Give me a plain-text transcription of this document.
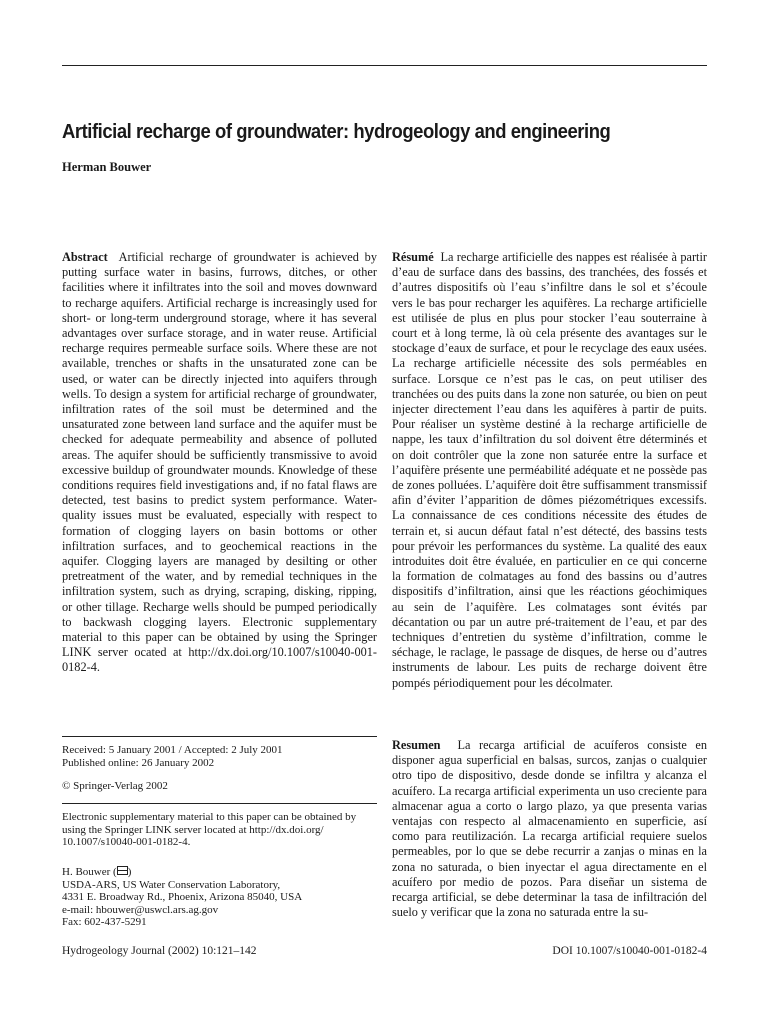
Artificial recharge of groundwater: hydrogeology and engineering
Herman Bouwer
Abstract Artificial recharge of groundwater is achieved by putting surface water in basins, furrows, ditches, or other facilities where it infiltrates into the soil and moves downward to recharge aquifers. Artificial recharge is increasingly used for short- or long-term underground storage, where it has several advantages over surface storage, and in water reuse. Artificial recharge requires permeable surface soils. Where these are not available, trenches or shafts in the unsaturated zone can be used, or water can be directly injected into aquifers through wells. To design a system for artificial recharge of groundwater, infiltration rates of the soil must be determined and the unsaturated zone between land surface and the aquifer must be checked for adequate permeability and absence of polluted areas. The aquifer should be sufficiently transmissive to avoid excessive buildup of groundwater mounds. Knowledge of these conditions requires field investigations and, if no fatal flaws are detected, test basins to predict system performance. Water-quality issues must be evaluated, especially with respect to formation of clogging layers on basin bottoms or other infiltration surfaces, and to geochemical reactions in the aquifer. Clogging layers are managed by desilting or other pretreatment of the water, and by remedial techniques in the infiltration system, such as drying, scraping, disking, ripping, or other tillage. Recharge wells should be pumped periodically to backwash clogging layers. Electronic supplementary material to this paper can be obtained by using the Springer LINK server ocated at http://dx.doi.org/10.1007/s10040-001-0182-4.
Résumé La recharge artificielle des nappes est réalisée à partir d’eau de surface dans des bassins, des tranchées, des fossés et d’autres dispositifs où l’eau s’infiltre dans le sol et s’écoule vers le bas pour recharger les aquifères. La recharge artificielle est utilisée de plus en plus pour stocker l’eau souterraine à court et à long terme, là où cela présente des avantages sur le stockage d’eaux de surface, et pour le recyclage des eaux usées. La recharge artificielle nécessite des sols perméables en surface. Lorsque ce n’est pas le cas, on peut utiliser des tranchées ou des puits dans la zone non saturée, ou bien on peut injecter directement l’eau dans les aquifères à partir de puits. Pour réaliser un système destiné à la recharge artificielle de nappe, les taux d’infiltration du sol doivent être déterminés et on doit contrôler que la zone non saturée entre la surface et l’aquifère présente une perméabilité adéquate et ne possède pas de zones polluées. L’aquifère doit être suffisamment transmissif afin d’éviter l’apparition de dômes piézométriques excessifs. La connaissance de ces conditions nécessite des études de terrain et, si aucun défaut fatal n’est détecté, des bassins tests pour prévoir les performances du système. La qualité des eaux introduites doit être évaluée, en particulier en ce qui concerne la formation de colmatages au fond des bassins ou d’autres dispositifs d’infiltration, ainsi que les réactions géochimiques au sein de l’aquifère. Les colmatages sont évités par décantation ou par un autre pré-traitement de l’eau, et par des techniques d’entretien du système d’infiltration, comme le séchage, le raclage, le passage de disques, de herse ou d’autres instruments de labour. Les puits de recharge doivent être pompés périodiquement pour les décolmater.
Resumen La recarga artificial de acuíferos consiste en disponer agua superficial en balsas, surcos, zanjas o cualquier otro tipo de dispositivo, desde donde se infiltra y alcanza el acuífero. La recarga artificial experimenta un uso creciente para almacenar agua a corto o largo plazo, ya que presenta varias ventajas con respecto al almacenamiento en superficie, así como para reutilización. La recarga artificial requiere suelos permeables, por lo que se debe recurrir a zanjas o minas en la zona no saturada, o bien inyectar el agua directamente en el acuífero por medio de pozos. Para diseñar un sistema de recarga artificial, se debe determinar la tasa de infiltración del suelo y verificar que la zona no saturada entre la su-

Received: 5 January 2001 / Accepted: 2 July 2001

Published online: 26 January 2002

© Springer-Verlag 2002

Electronic supplementary material to this paper can be obtained by using the Springer LINK server located at http://dx.doi.org/ 10.1007/s10040-001-0182-4.

H. Bouwer ( )

USDA-ARS, US Water Conservation Laboratory,

4331 E. Broadway Rd., Phoenix, Arizona 85040, USA

e-mail: hbouwer@uswcl.ars.ag.gov

Fax: 602-437-5291

Hydrogeology Journal (2002) 10:121–142	DOI 10.1007/s10040-001-0182-4
